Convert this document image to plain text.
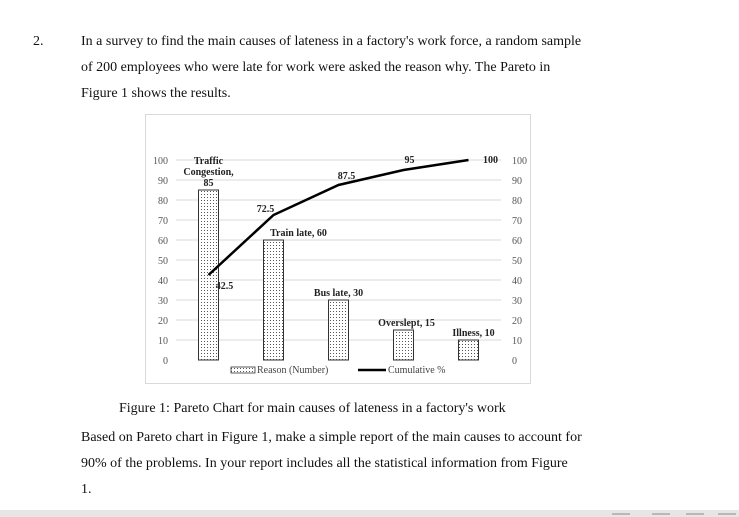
2.	In a survey to find the main causes of lateness in a factory's work force, a random sample
of 200 employees who were late for work were asked the reason why. The Pareto in
Figure 1 shows the results.
0
10
20
30
40
50
60
70
80
90
100
0
10
20
30
40
50
60
70
80
90
100
Traffic
Congestion,
85
Train late, 60
Bus late, 30
Overslept, 15
Illness, 10
42.5
72.5
87.5
95	100
Reason (Number)	Cumulative %
Figure 1: Pareto Chart for main causes of lateness in a factory's work
Based on Pareto chart in Figure 1, make a simple report of the main causes to account for
90% of the problems. In your report includes all the statistical information from Figure
1.
